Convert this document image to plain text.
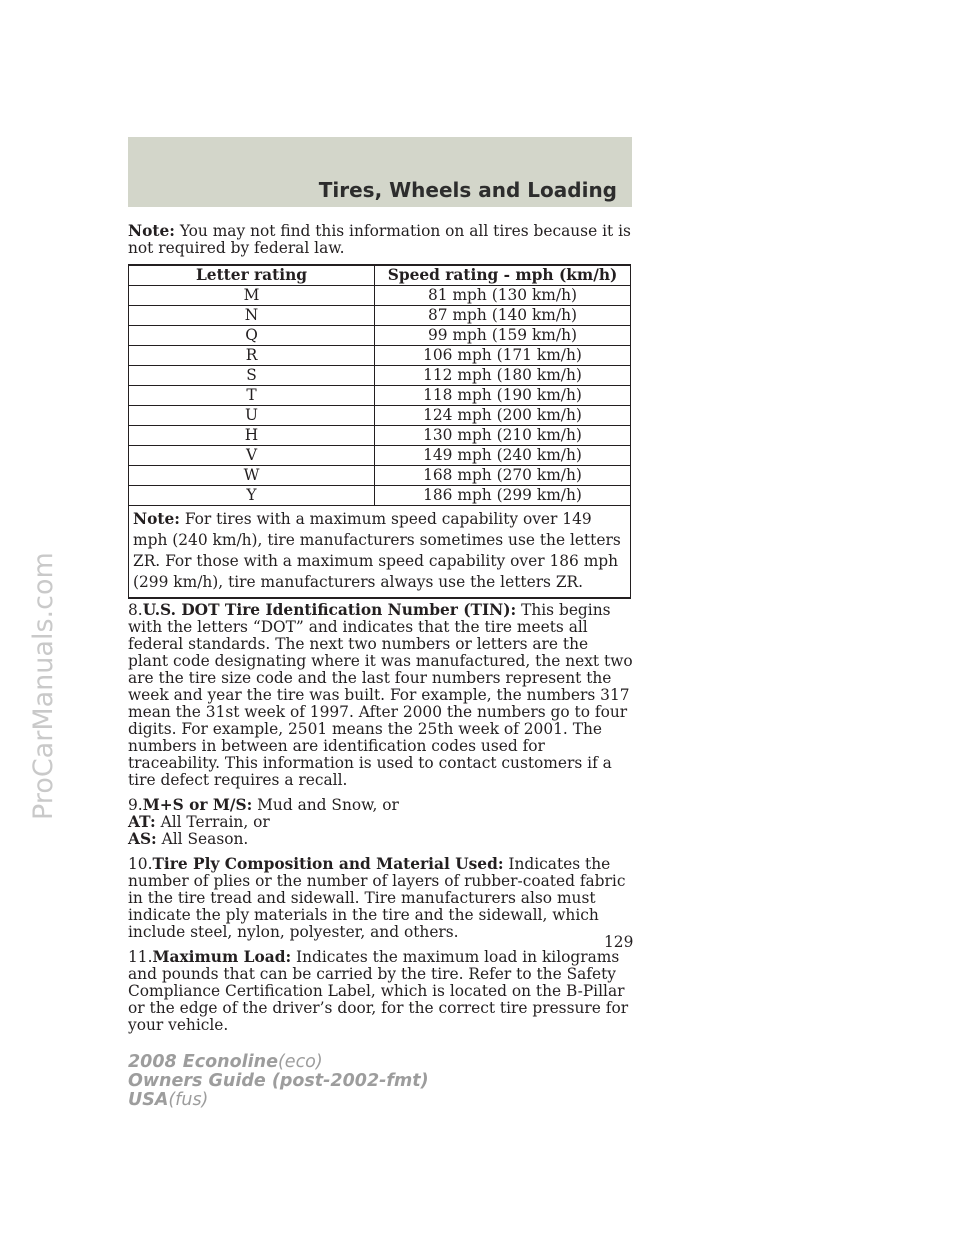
Tires, Wheels and Loading

Note: You may not find this information on all tires because it is not required by federal law.

Letter rating	Speed rating - mph (km/h)
M	81 mph (130 km/h)
N	87 mph (140 km/h)
Q	99 mph (159 km/h)
R	106 mph (171 km/h)
S	112 mph (180 km/h)
T	118 mph (190 km/h)
U	124 mph (200 km/h)
H	130 mph (210 km/h)
V	149 mph (240 km/h)
W	168 mph (270 km/h)
Y	186 mph (299 km/h)
Note: For tires with a maximum speed capability over 149 mph (240 km/h), tire manufacturers sometimes use the letters ZR. For those with a maximum speed capability over 186 mph (299 km/h), tire manufacturers always use the letters ZR.	

8.U.S. DOT Tire Identification Number (TIN): This begins with the letters “DOT” and indicates that the tire meets all federal standards. The next two numbers or letters are the plant code designating where it was manufactured, the next two are the tire size code and the last four numbers represent the week and year the tire was built. For example, the numbers 317 mean the 31st week of 1997. After 2000 the numbers go to four digits. For example, 2501 means the 25th week of 2001. The numbers in between are identification codes used for traceability. This information is used to contact customers if a tire defect requires a recall.

9.M+S or M/S: Mud and Snow, or
AT: All Terrain, or
AS: All Season.

10.Tire Ply Composition and Material Used: Indicates the number of plies or the number of layers of rubber-coated fabric in the tire tread and sidewall. Tire manufacturers also must indicate the ply materials in the tire and the sidewall, which include steel, nylon, polyester, and others.

11.Maximum Load: Indicates the maximum load in kilograms and pounds that can be carried by the tire. Refer to the Safety Compliance Certification Label, which is located on the B-Pillar or the edge of the driver’s door, for the correct tire pressure for your vehicle.

129
2008 Econoline(eco)
Owners Guide (post-2002-fmt)
USA(fus)
ProCarManuals.com
